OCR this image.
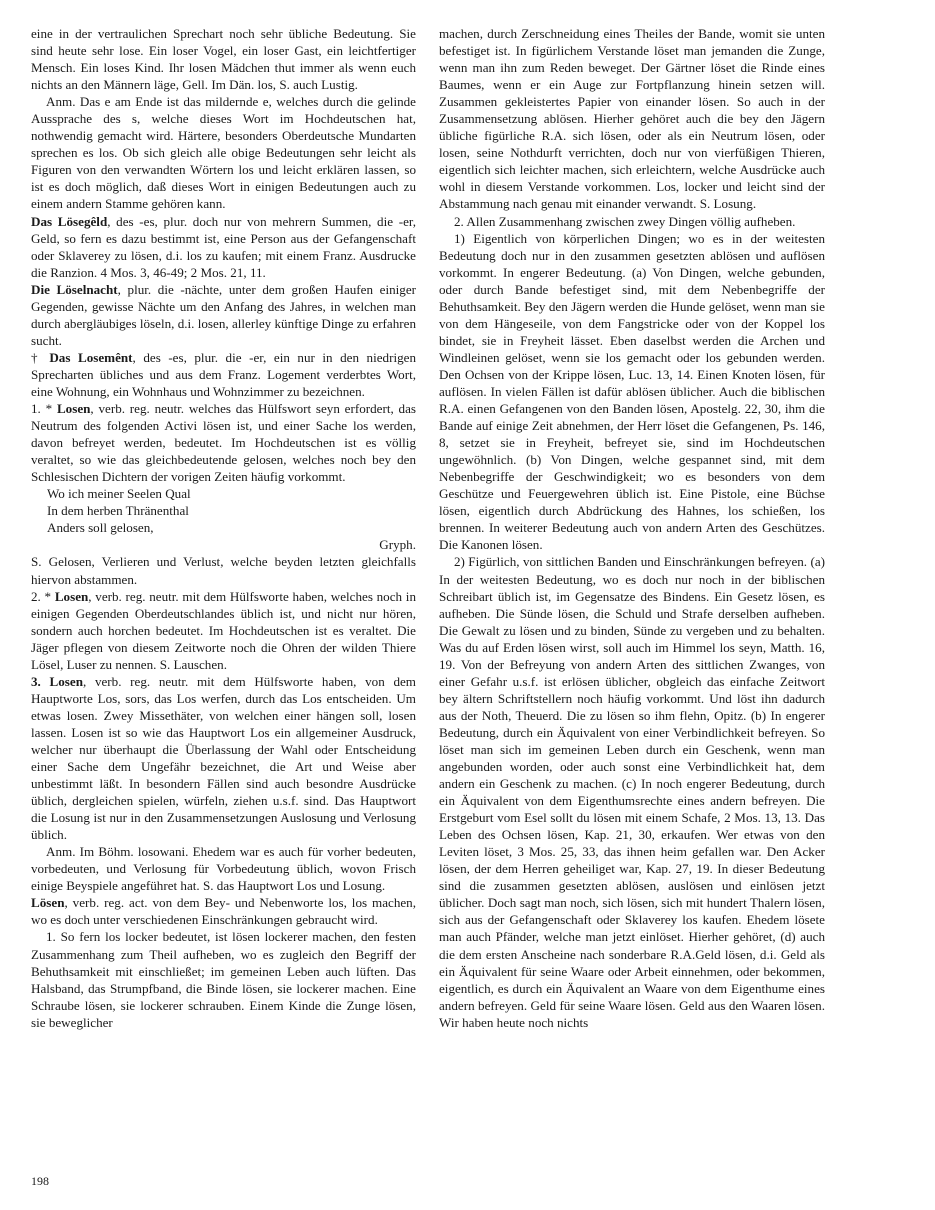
eine in der vertraulichen Sprechart noch sehr übliche Bedeutung. Sie sind heute sehr lose. Ein loser Vogel, ein loser Gast, ein leichtfertiger Mensch. Ein loses Kind. Ihr losen Mädchen thut immer als wenn euch nichts an den Männern läge, Gell. Im Dän. los, S. auch Lustig.

Anm. Das e am Ende ist das mildernde e, welches durch die gelinde Aussprache des s, welche dieses Wort im Hochdeutschen hat, nothwendig gemacht wird. Härtere, besonders Oberdeutsche Mundarten sprechen es los. Ob sich gleich alle obige Bedeutungen sehr leicht als Figuren von den verwandten Wörtern los und leicht erklären lassen, so ist es doch möglich, daß dieses Wort in einigen Bedeutungen auch zu einem andern Stamme gehören kann.

Das Lösegêld, des -es, plur. doch nur von mehrern Summen, die -er, Geld, so fern es dazu bestimmt ist, eine Person aus der Gefangenschaft oder Sklaverey zu lösen, d.i. los zu kaufen; mit einem Franz. Ausdrucke die Ranzion. 4 Mos. 3, 46-49; 2 Mos. 21, 11.

Die Löselnacht, plur. die -nächte, unter dem großen Haufen einiger Gegenden, gewisse Nächte um den Anfang des Jahres, in welchen man durch abergläubiges löseln, d.i. losen, allerley künftige Dinge zu erfahren sucht.

† Das Losemênt, des -es, plur. die -er, ein nur in den niedrigen Sprecharten übliches und aus dem Franz. Logement verderbtes Wort, eine Wohnung, ein Wohnhaus und Wohnzimmer zu bezeichnen.

1. * Losen, verb. reg. neutr. welches das Hülfswort seyn erfordert, das Neutrum des folgenden Activi lösen ist, und einer Sache los werden, davon befreyet werden, bedeutet. Im Hochdeutschen ist es völlig veraltet, so wie das gleichbedeutende gelosen, welches noch bey den Schlesischen Dichtern der vorigen Zeiten häufig vorkommt.

Wo ich meiner Seelen Qual

In dem herben Thränenthal

Anders soll gelosen,

Gryph.

S. Gelosen, Verlieren und Verlust, welche beyden letzten gleichfalls hiervon abstammen.

2. * Losen, verb. reg. neutr. mit dem Hülfsworte haben, welches noch in einigen Gegenden Oberdeutschlandes üblich ist, und nicht nur hören, sondern auch horchen bedeutet. Im Hochdeutschen ist es veraltet. Die Jäger pflegen von diesem Zeitworte noch die Ohren der wilden Thiere Lösel, Luser zu nennen. S. Lauschen.

3. Losen, verb. reg. neutr. mit dem Hülfsworte haben, von dem Hauptworte Los, sors, das Los werfen, durch das Los entscheiden. Um etwas losen. Zwey Missethäter, von welchen einer hängen soll, losen lassen. Losen ist so wie das Hauptwort Los ein allgemeiner Ausdruck, welcher nur überhaupt die Überlassung der Wahl oder Entscheidung einer Sache dem Ungefähr bezeichnet, die Art und Weise aber unbestimmt läßt. In besondern Fällen sind auch besondre Ausdrücke üblich, dergleichen spielen, würfeln, ziehen u.s.f. sind. Das Hauptwort die Losung ist nur in den Zusammensetzungen Auslosung und Verlosung üblich.

Anm. Im Böhm. losowani. Ehedem war es auch für vorher bedeuten, vorbedeuten, und Verlosung für Vorbedeutung üblich, wovon Frisch einige Beyspiele angeführet hat. S. das Hauptwort Los und Losung.

Lösen, verb. reg. act. von dem Bey- und Nebenworte los, los machen, wo es doch unter verschiedenen Einschränkungen gebraucht wird.

1. So fern los locker bedeutet, ist lösen lockerer machen, den festen Zusammenhang zum Theil aufheben, wo es zugleich den Begriff der Behuthsamkeit mit einschließet; im gemeinen Leben auch lüften. Das Halsband, das Strumpfband, die Binde lösen, sie lockerer machen. Eine Schraube lösen, sie lockerer schrauben. Einem Kinde die Zunge lösen, sie beweglicher

machen, durch Zerschneidung eines Theiles der Bande, womit sie unten befestiget ist. In figürlichem Verstande löset man jemanden die Zunge, wenn man ihn zum Reden beweget. Der Gärtner löset die Rinde eines Baumes, wenn er ein Auge zur Fortpflanzung hinein setzen will. Zusammen gekleistertes Papier von einander lösen. So auch in der Zusammensetzung ablösen. Hierher gehöret auch die bey den Jägern übliche figürliche R.A. sich lösen, oder als ein Neutrum lösen, oder losen, seine Nothdurft verrichten, doch nur von vierfüßigen Thieren, eigentlich sich leichter machen, sich erleichtern, welche Ausdrücke auch wohl in diesem Verstande vorkommen. Los, locker und leicht sind der Abstammung nach genau mit einander verwandt. S. Losung.

2. Allen Zusammenhang zwischen zwey Dingen völlig aufheben.

1) Eigentlich von körperlichen Dingen; wo es in der weitesten Bedeutung doch nur in den zusammen gesetzten ablösen und auflösen vorkommt. In engerer Bedeutung. (a) Von Dingen, welche gebunden, oder durch Bande befestiget sind, mit dem Nebenbegriffe der Behuthsamkeit. Bey den Jägern werden die Hunde gelöset, wenn man sie von dem Hängeseile, von dem Fangstricke oder von der Koppel los bindet, sie in Freyheit lässet. Eben daselbst werden die Archen und Windleinen gelöset, wenn sie los gemacht oder los gebunden werden. Den Ochsen von der Krippe lösen, Luc. 13, 14. Einen Knoten lösen, für auflösen. In vielen Fällen ist dafür ablösen üblicher. Auch die biblischen R.A. einen Gefangenen von den Banden lösen, Apostelg. 22, 30, ihm die Bande auf einige Zeit abnehmen, der Herr löset die Gefangenen, Ps. 146, 8, setzet sie in Freyheit, befreyet sie, sind im Hochdeutschen ungewöhnlich. (b) Von Dingen, welche gespannet sind, mit dem Nebenbegriffe der Geschwindigkeit; wo es besonders von dem Geschütze und Feuergewehren üblich ist. Eine Pistole, eine Büchse lösen, eigentlich durch Abdrückung des Hahnes, los schießen, los brennen. In weiterer Bedeutung auch von andern Arten des Geschützes. Die Kanonen lösen.

2) Figürlich, von sittlichen Banden und Einschränkungen befreyen. (a) In der weitesten Bedeutung, wo es doch nur noch in der biblischen Schreibart üblich ist, im Gegensatze des Bindens. Ein Gesetz lösen, es aufheben. Die Sünde lösen, die Schuld und Strafe derselben aufheben. Die Gewalt zu lösen und zu binden, Sünde zu vergeben und zu behalten. Was du auf Erden lösen wirst, soll auch im Himmel los seyn, Matth. 16, 19. Von der Befreyung von andern Arten des sittlichen Zwanges, von einer Gefahr u.s.f. ist erlösen üblicher, obgleich das einfache Zeitwort bey ältern Schriftstellern noch häufig vorkommt. Und löst ihn dadurch aus der Noth, Theuerd. Die zu lösen so ihm flehn, Opitz. (b) In engerer Bedeutung, durch ein Äquivalent von einer Verbindlichkeit befreyen. So löset man sich im gemeinen Leben durch ein Geschenk, wenn man angebunden worden, oder auch sonst eine Verbindlichkeit hat, dem andern ein Geschenk zu machen. (c) In noch engerer Bedeutung, durch ein Äquivalent von dem Eigenthumsrechte eines andern befreyen. Die Erstgeburt vom Esel sollt du lösen mit einem Schafe, 2 Mos. 13, 13. Das Leben des Ochsen lösen, Kap. 21, 30, erkaufen. Wer etwas von den Leviten löset, 3 Mos. 25, 33, das ihnen heim gefallen war. Den Acker lösen, der dem Herren geheiliget war, Kap. 27, 19. In dieser Bedeutung sind die zusammen gesetzten ablösen, auslösen und einlösen jetzt üblicher. Doch sagt man noch, sich lösen, sich mit hundert Thalern lösen, sich aus der Gefangenschaft oder Sklaverey los kaufen. Ehedem lösete man auch Pfänder, welche man jetzt einlöset. Hierher gehöret, (d) auch die dem ersten Anscheine nach sonderbare R.A.Geld lösen, d.i. Geld als ein Äquivalent für seine Waare oder Arbeit einnehmen, oder bekommen, eigentlich, es durch ein Äquivalent an Waare von dem Eigenthume eines andern befreyen. Geld für seine Waare lösen. Geld aus den Waaren lösen. Wir haben heute noch nichts

198
